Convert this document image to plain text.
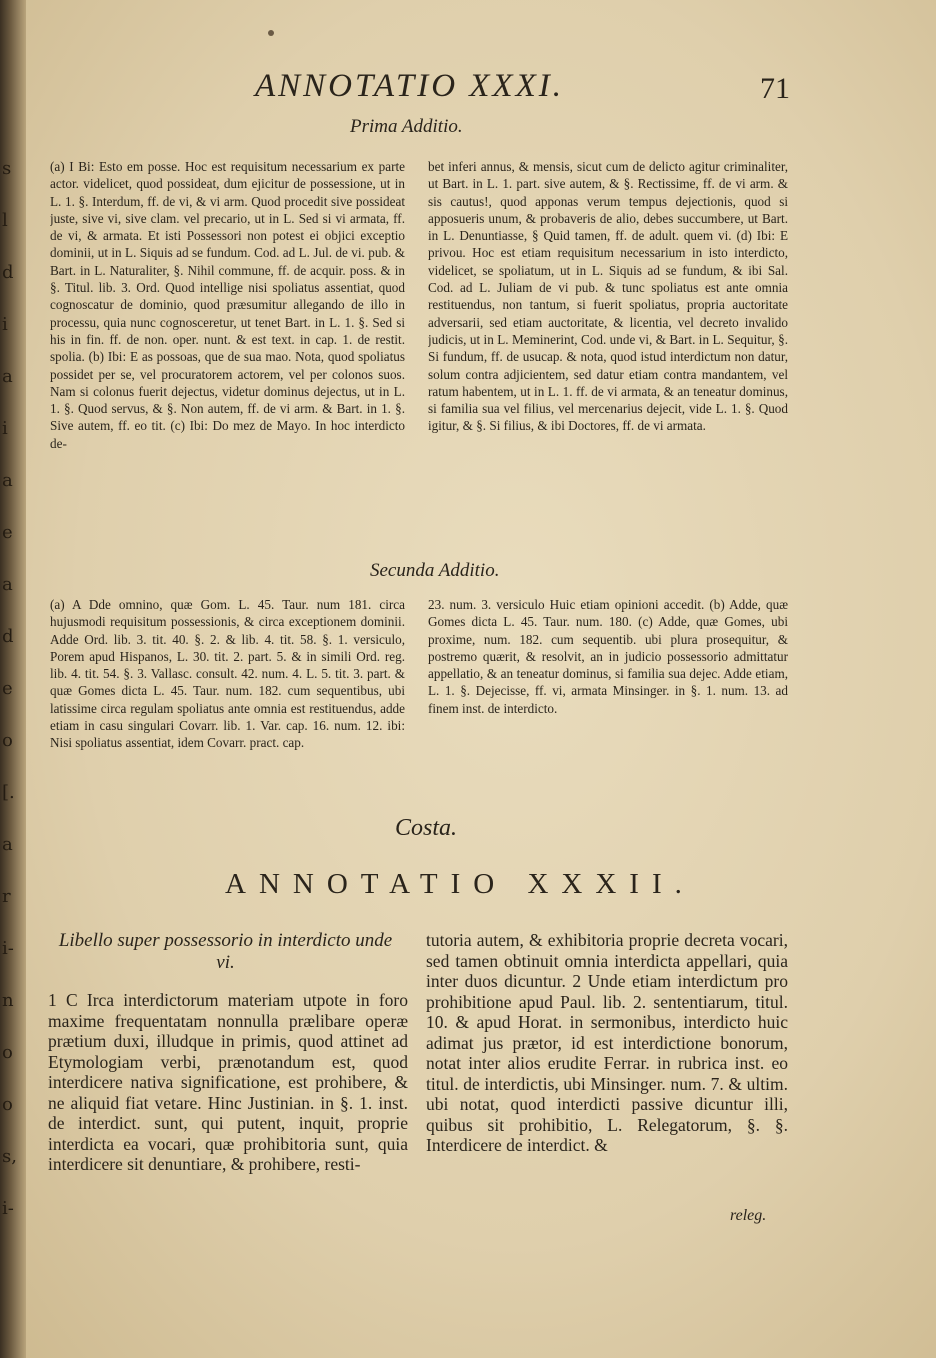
s
l
d
i
a
i
a
e
a
d
e
o
[.
a
r
i-
n
o
o
s,
i-
ANNOTATIO XXXI.	71
Prima Additio.

(a) I Bi: Esto em posse. Hoc est requisitum necessarium ex parte actor. videlicet, quod possideat, dum ejicitur de possessione, ut in L. 1. §. Interdum, ff. de vi, & vi arm. Quod procedit sive possideat juste, sive vi, sive clam. vel precario, ut in L. Sed si vi armata, ff. de vi, & armata. Et isti Possessori non potest ei objici exceptio dominii, ut in L. Siquis ad se fundum. Cod. ad L. Jul. de vi. pub. & Bart. in L. Naturaliter, §. Nihil commune, ff. de acquir. poss. & in §. Titul. lib. 3. Ord. Quod intellige nisi spoliatus assentiat, quod cognoscatur de dominio, quod præsumitur allegando de illo in processu, quia nunc cognosceretur, ut tenet Bart. in L. 1. §. Sed si his in fin. ff. de non. oper. nunt. & est text. in cap. 1. de restit. spolia. (b) Ibi: E as possoas, que de sua mao. Nota, quod spoliatus possidet per se, vel procuratorem actorem, vel per colonos suos. Nam si colonus fuerit dejectus, videtur dominus dejectus, ut in L. 1. §. Quod servus, & §. Non autem, ff. de vi arm. & Bart. in 1. §. Sive autem, ff. eo tit. (c) Ibi: Do mez de Mayo. In hoc interdicto de-

bet inferi annus, & mensis, sicut cum de delicto agitur criminaliter, ut Bart. in L. 1. part. sive autem, & §. Rectissime, ff. de vi arm. & sis cautus!, quod apponas verum tempus dejectionis, quod si apposueris unum, & probaveris de alio, debes succumbere, ut Bart. in L. Denuntiasse, § Quid tamen, ff. de adult. quem vi. (d) Ibi: E privou. Hoc est etiam requisitum necessarium in isto interdicto, videlicet, se spoliatum, ut in L. Siquis ad se fundum, & ibi Sal. Cod. ad L. Juliam de vi pub. & tunc spoliatus est ante omnia restituendus, non tantum, si fuerit spoliatus, propria auctoritate adversarii, sed etiam auctoritate, & licentia, vel decreto invalido judicis, ut in L. Meminerint, Cod. unde vi, & Bart. in L. Sequitur, §. Si fundum, ff. de usucap. & nota, quod istud interdictum non datur, solum contra adjicientem, sed datur etiam contra mandantem, vel ratum habentem, ut in L. 1. ff. de vi armata, & an teneatur dominus, si familia sua vel filius, vel mercenarius dejecit, vide L. 1. §. Quod igitur, & §. Si filius, & ibi Doctores, ff. de vi armata.

Secunda Additio.

(a) A Dde omnino, quæ Gom. L. 45. Taur. num 181. circa hujusmodi requisitum possessionis, & circa exceptionem dominii. Adde Ord. lib. 3. tit. 40. §. 2. & lib. 4. tit. 58. §. 1. versiculo, Porem apud Hispanos, L. 30. tit. 2. part. 5. & in simili Ord. reg. lib. 4. tit. 54. §. 3. Vallasc. consult. 42. num. 4. L. 5. tit. 3. part. & quæ Gomes dicta L. 45. Taur. num. 182. cum sequentibus, ubi latissime circa regulam spoliatus ante omnia est restituendus, adde etiam in casu singulari Covarr. lib. 1. Var. cap. 16. num. 12. ibi: Nisi spoliatus assentiat, idem Covarr. pract. cap.

23. num. 3. versiculo Huic etiam opinioni accedit. (b) Adde, quæ Gomes dicta L. 45. Taur. num. 180. (c) Adde, quæ Gomes, ubi proxime, num. 182. cum sequentib. ubi plura prosequitur, & postremo quærit, & resolvit, an in judicio possessorio admittatur appellatio, & an teneatur dominus, si familia sua dejec. Adde etiam, L. 1. §. Dejecisse, ff. vi, armata Minsinger. in §. 1. num. 13. ad finem inst. de interdicto.

Costa.
ANNOTATIO XXXII.
Libello super possessorio in interdicto unde vi.

1 C Irca interdictorum materiam utpote in foro maxime frequentatam nonnulla prælibare operæ prætium duxi, illudque in primis, quod attinet ad Etymologiam verbi, prænotandum est, quod interdicere nativa significatione, est prohibere, & ne aliquid fiat vetare. Hinc Justinian. in §. 1. inst. de interdict. sunt, qui putent, inquit, proprie interdicta ea vocari, quæ prohibitoria sunt, quia interdicere sit denuntiare, & prohibere, resti-

tutoria autem, & exhibitoria proprie decreta vocari, sed tamen obtinuit omnia interdicta appellari, quia inter duos dicuntur. 2 Unde etiam interdictum pro prohibitione apud Paul. lib. 2. sententiarum, titul. 10. & apud Horat. in sermonibus, interdicto huic adimat jus prætor, id est interdictione bonorum, notat inter alios erudite Ferrar. in rubrica inst. eo titul. de interdictis, ubi Minsinger. num. 7. & ultim. ubi notat, quod interdicti passive dicuntur illi, quibus sit prohibitio, L. Relegatorum, §. §. Interdicere de interdict. &

releg.
